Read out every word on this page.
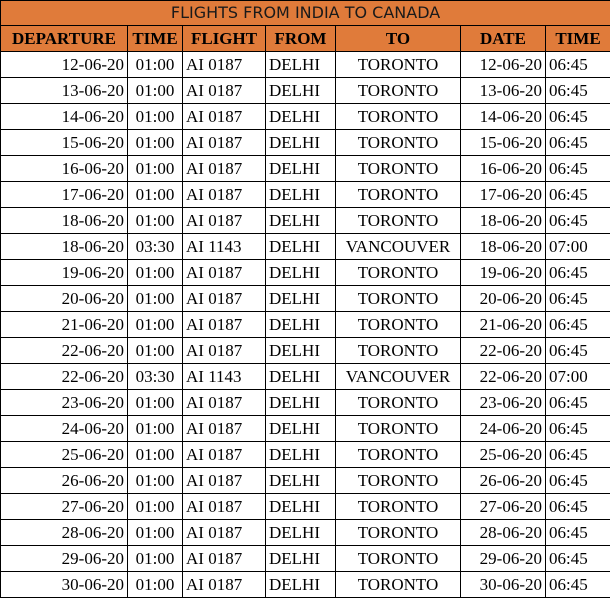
FLIGHTS FROM INDIA TO CANADA						
DEPARTURE	TIME	FLIGHT	FROM	TO	DATE	TIME
12-06-20	01:00	AI 0187	DELHI	TORONTO	12-06-20	06:45
13-06-20	01:00	AI 0187	DELHI	TORONTO	13-06-20	06:45
14-06-20	01:00	AI 0187	DELHI	TORONTO	14-06-20	06:45
15-06-20	01:00	AI 0187	DELHI	TORONTO	15-06-20	06:45
16-06-20	01:00	AI 0187	DELHI	TORONTO	16-06-20	06:45
17-06-20	01:00	AI 0187	DELHI	TORONTO	17-06-20	06:45
18-06-20	01:00	AI 0187	DELHI	TORONTO	18-06-20	06:45
18-06-20	03:30	AI 1143	DELHI	VANCOUVER	18-06-20	07:00
19-06-20	01:00	AI 0187	DELHI	TORONTO	19-06-20	06:45
20-06-20	01:00	AI 0187	DELHI	TORONTO	20-06-20	06:45
21-06-20	01:00	AI 0187	DELHI	TORONTO	21-06-20	06:45
22-06-20	01:00	AI 0187	DELHI	TORONTO	22-06-20	06:45
22-06-20	03:30	AI 1143	DELHI	VANCOUVER	22-06-20	07:00
23-06-20	01:00	AI 0187	DELHI	TORONTO	23-06-20	06:45
24-06-20	01:00	AI 0187	DELHI	TORONTO	24-06-20	06:45
25-06-20	01:00	AI 0187	DELHI	TORONTO	25-06-20	06:45
26-06-20	01:00	AI 0187	DELHI	TORONTO	26-06-20	06:45
27-06-20	01:00	AI 0187	DELHI	TORONTO	27-06-20	06:45
28-06-20	01:00	AI 0187	DELHI	TORONTO	28-06-20	06:45
29-06-20	01:00	AI 0187	DELHI	TORONTO	29-06-20	06:45
30-06-20	01:00	AI 0187	DELHI	TORONTO	30-06-20	06:45
